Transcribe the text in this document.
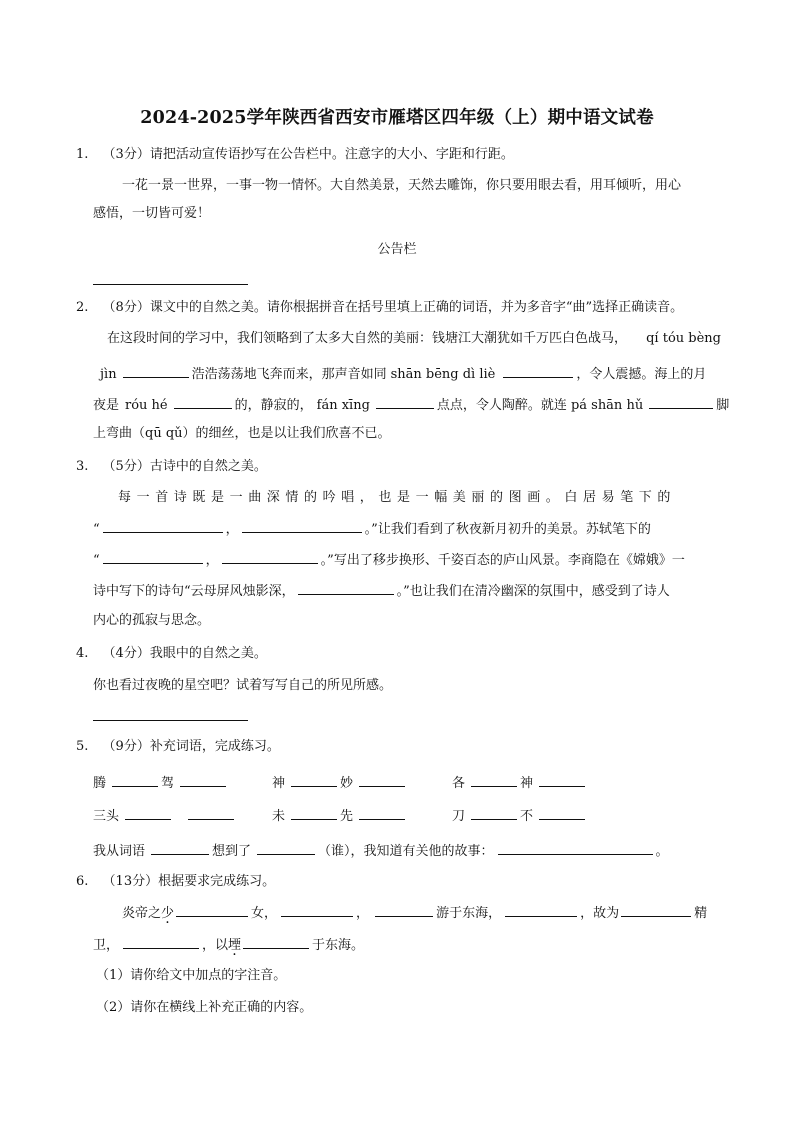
2024-2025学年陕西省西安市雁塔区四年级（上）期中语文试卷
1. （3分）请把活动宣传语抄写在公告栏中。注意字的大小、字距和行距。
一花一景一世界，一事一物一情怀。大自然美景，天然去雕饰，你只要用眼去看，用耳倾听，用心
感悟，一切皆可爱！
公告栏
2. （8分）课文中的自然之美。请你根据拼音在括号里填上正确的词语，并为多音字“曲”选择正确读音。
在这段时间的学习中，我们领略到了太多大自然的美丽：钱塘江大潮犹如千万匹白色战马， qí tóu bèng
jìn	浩浩荡荡地飞奔而来，那声音如同 shān bēng dì liè	，令人震撼。海上的月
夜是 róu hé	的，静寂的， fán xīng	点点，令人陶醉。就连 pá shān hǔ	脚
上弯曲（qū qǔ）的细丝，也是以让我们欣喜不已。
3. （5分）古诗中的自然之美。
每一首诗既是一曲深情的吟唱，也是一幅美丽的图画。白居易笔下的
“	，	。”让我们看到了秋夜新月初升的美景。苏轼笔下的
“	，	。”写出了移步换形、千姿百态的庐山风景。李商隐在《嫦娥》一
诗中写下的诗句“云母屏风烛影深，	。”也让我们在清冷幽深的氛围中，感受到了诗人
内心的孤寂与思念。
4. （4分）我眼中的自然之美。
你也看过夜晚的星空吧？试着写写自己的所见所感。
5. （9分）补充词语，完成练习。
腾	驾	神	妙	各	神
三头	未	先	刀	不
我从词语	想到了	（谁），我知道有关他的故事：	。
6. （13分）根据要求完成练习。
炎帝之少	女，	，	游于东海，	，故为	精
卫，	，以堙	于东海。
（1）请你给文中加点的字注音。
（2）请你在横线上补充正确的内容。
